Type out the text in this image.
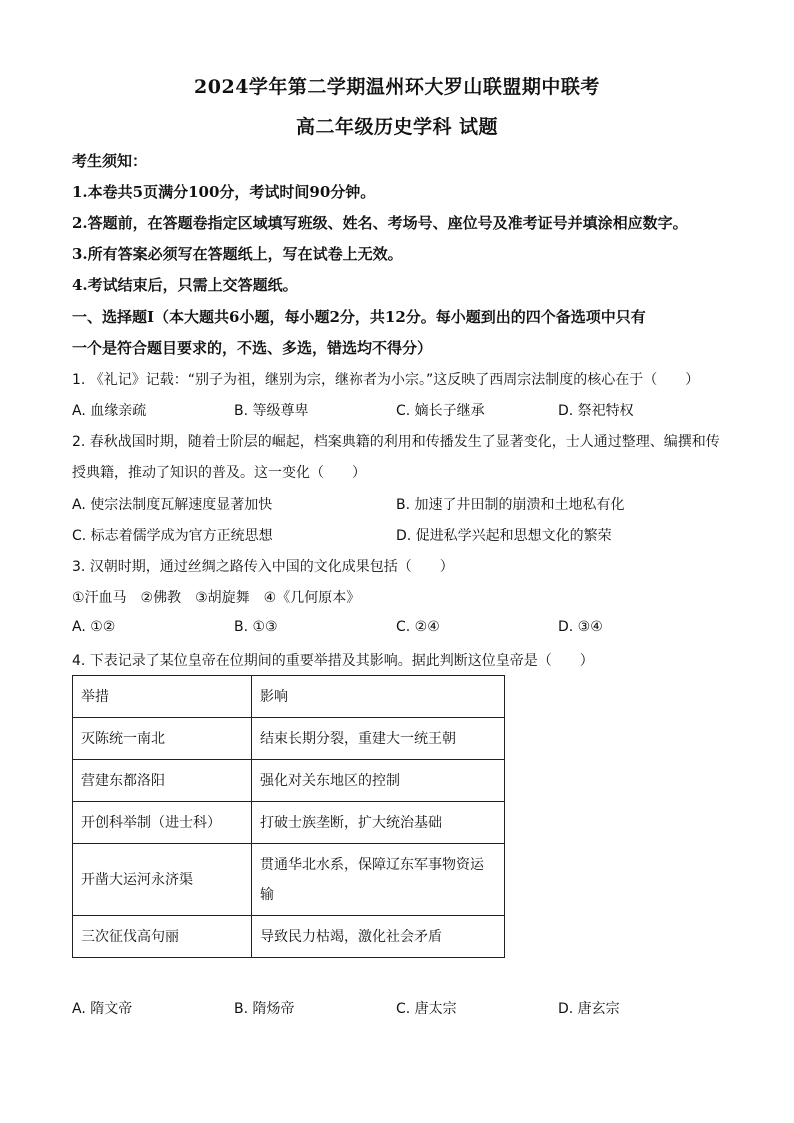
2024学年第二学期温州环大罗山联盟期中联考
高二年级历史学科 试题
考生须知：
1.本卷共5页满分100分，考试时间90分钟。
2.答题前，在答题卷指定区域填写班级、姓名、考场号、座位号及准考证号并填涂相应数字。
3.所有答案必须写在答题纸上，写在试卷上无效。
4.考试结束后，只需上交答题纸。
一、选择题Ⅰ（本大题共6小题，每小题2分，共12分。每小题到出的四个备选项中只有
一个是符合题目要求的，不选、多选，错选均不得分）
1. 《礼记》记载：“别子为祖，继别为宗，继祢者为小宗。”这反映了西周宗法制度的核心在于（　　）
A. 血缘亲疏	B. 等级尊卑	C. 嫡长子继承	D. 祭祀特权
2. 春秋战国时期，随着士阶层的崛起，档案典籍的利用和传播发生了显著变化，士人通过整理、编撰和传
授典籍，推动了知识的普及。这一变化（　　）
A. 使宗法制度瓦解速度显著加快	B. 加速了井田制的崩溃和土地私有化
C. 标志着儒学成为官方正统思想	D. 促进私学兴起和思想文化的繁荣
3. 汉朝时期，通过丝绸之路传入中国的文化成果包括（　　）
①汗血马　②佛教　③胡旋舞　④《几何原本》
A. ①②	B. ①③	C. ②④	D. ③④
4. 下表记录了某位皇帝在位期间的重要举措及其影响。据此判断这位皇帝是（　　）
举措	影响
灭陈统一南北	结束长期分裂，重建大一统王朝
营建东都洛阳	强化对关东地区的控制
开创科举制（进士科）	打破士族垄断，扩大统治基础
开凿大运河永济渠	贯通华北水系，保障辽东军事物资运输
三次征伐高句丽	导致民力枯竭，激化社会矛盾
A. 隋文帝	B. 隋炀帝	C. 唐太宗	D. 唐玄宗
